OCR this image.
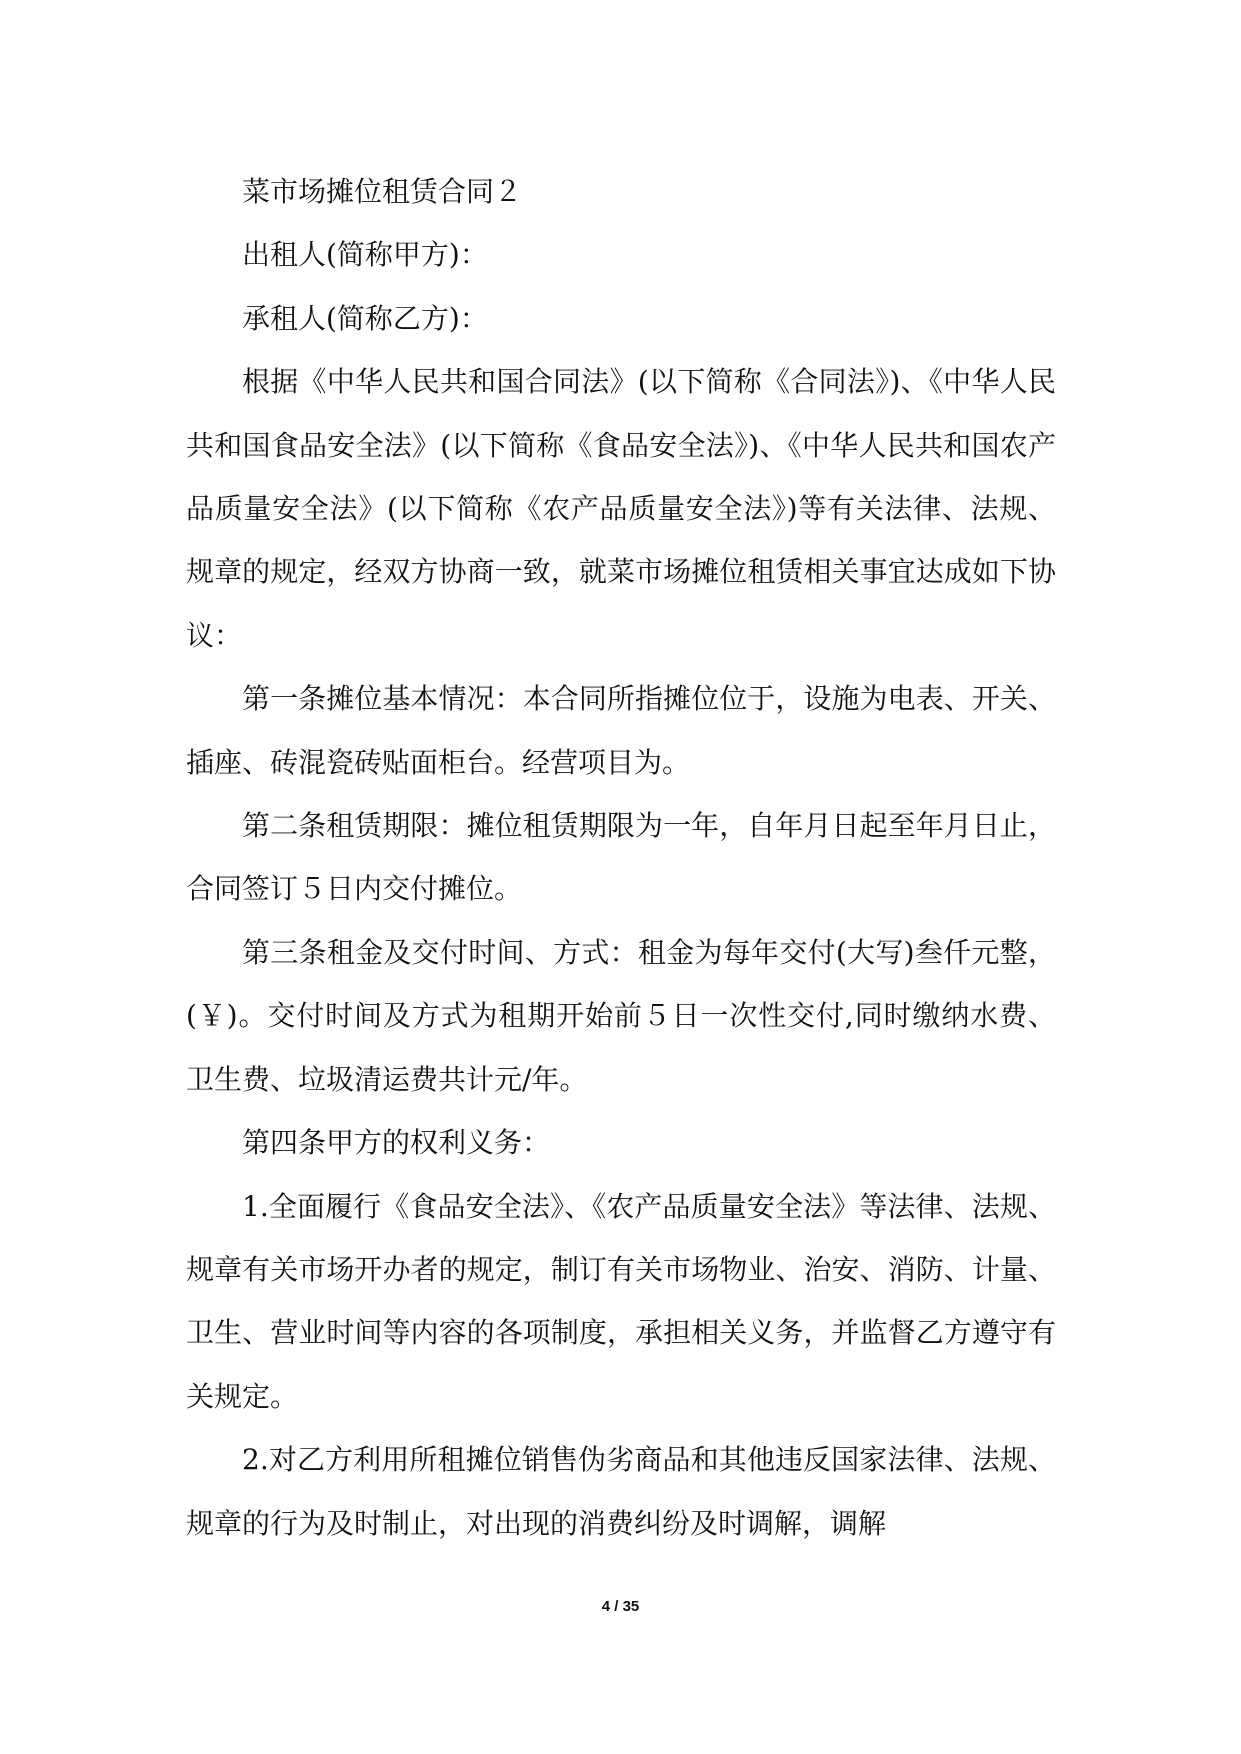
菜市场摊位租赁合同２

出租人(简称甲方)：

承租人(简称乙方)：

根据《中华人民共和国合同法》(以下简称《合同法》)、《中华人民共和国食品安全法》(以下简称《食品安全法》)、《中华人民共和国农产品质量安全法》(以下简称《农产品质量安全法》)等有关法律、法规、规章的规定，经双方协商一致，就菜市场摊位租赁相关事宜达成如下协议：

第一条摊位基本情况：本合同所指摊位位于，设施为电表、开关、插座、砖混瓷砖贴面柜台。经营项目为。

第二条租赁期限：摊位租赁期限为一年，自年月日起至年月日止，合同签订５日内交付摊位。

第三条租金及交付时间、方式：租金为每年交付(大写)叁仟元整，(￥)。交付时间及方式为租期开始前５日一次性交付,同时缴纳水费、卫生费、垃圾清运费共计元/年。

第四条甲方的权利义务：

1.全面履行《食品安全法》、《农产品质量安全法》等法律、法规、规章有关市场开办者的规定，制订有关市场物业、治安、消防、计量、卫生、营业时间等内容的各项制度，承担相关义务，并监督乙方遵守有关规定。

2.对乙方利用所租摊位销售伪劣商品和其他违反国家法律、法规、规章的行为及时制止，对出现的消费纠纷及时调解，调解

4 / 35
